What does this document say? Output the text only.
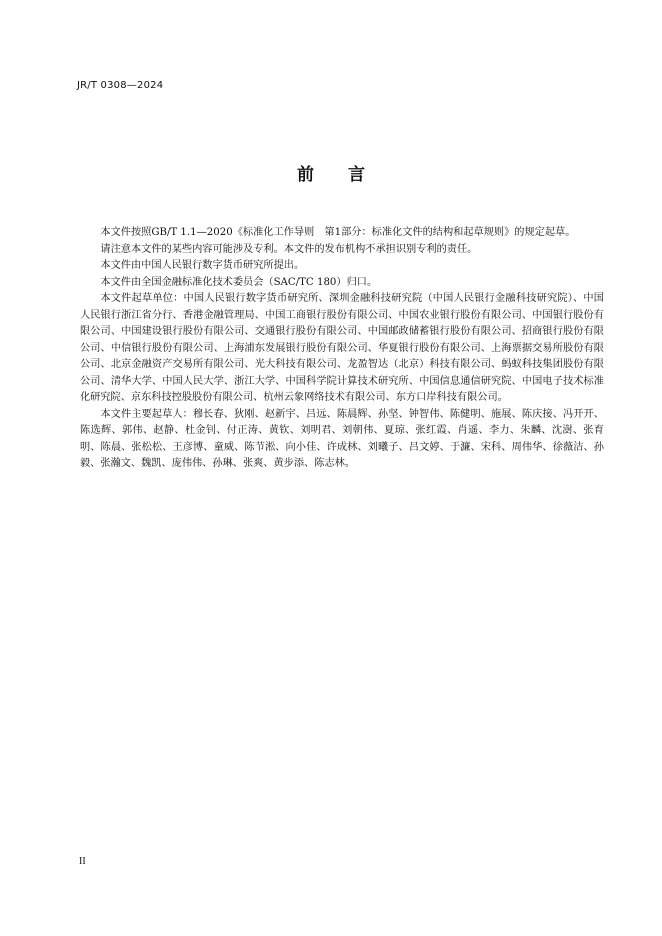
JR/T 0308—2024
前 言

本文件按照GB/T 1.1—2020《标准化工作导则　第1部分：标准化文件的结构和起草规则》的规定起草。

请注意本文件的某些内容可能涉及专利。本文件的发布机构不承担识别专利的责任。

本文件由中国人民银行数字货币研究所提出。

本文件由全国金融标准化技术委员会（SAC/TC 180）归口。

本文件起草单位：中国人民银行数字货币研究所、深圳金融科技研究院（中国人民银行金融科技研究院）、中国人民银行浙江省分行、香港金融管理局、中国工商银行股份有限公司、中国农业银行股份有限公司、中国银行股份有限公司、中国建设银行股份有限公司、交通银行股份有限公司、中国邮政储蓄银行股份有限公司、招商银行股份有限公司、中信银行股份有限公司、上海浦东发展银行股份有限公司、华夏银行股份有限公司、上海票据交易所股份有限公司、北京金融资产交易所有限公司、光大科技有限公司、龙盈智达（北京）科技有限公司、蚂蚁科技集团股份有限公司、清华大学、中国人民大学、浙江大学、中国科学院计算技术研究所、中国信息通信研究院、中国电子技术标准化研究院、京东科技控股股份有限公司、杭州云象网络技术有限公司、东方口岸科技有限公司。

本文件主要起草人：穆长春、狄刚、赵新宇、吕远、陈晨辉、孙坚、钟智伟、陈健明、施展、陈庆接、冯开开、陈选辉、郭伟、赵静、杜金钊、付正涛、黄钦、刘明君、刘朝伟、夏琼、张红霞、肖遥、李力、朱麟、沈澍、张育明、陈晨、张松松、王彦博、童威、陈节淞、向小佳、许成林、刘曦子、吕文婷、于濂、宋科、周伟华、徐薇洁、孙毅、张瀚文、魏凯、庞伟伟、孙琳、张爽、黄步添、陈志林。

II
